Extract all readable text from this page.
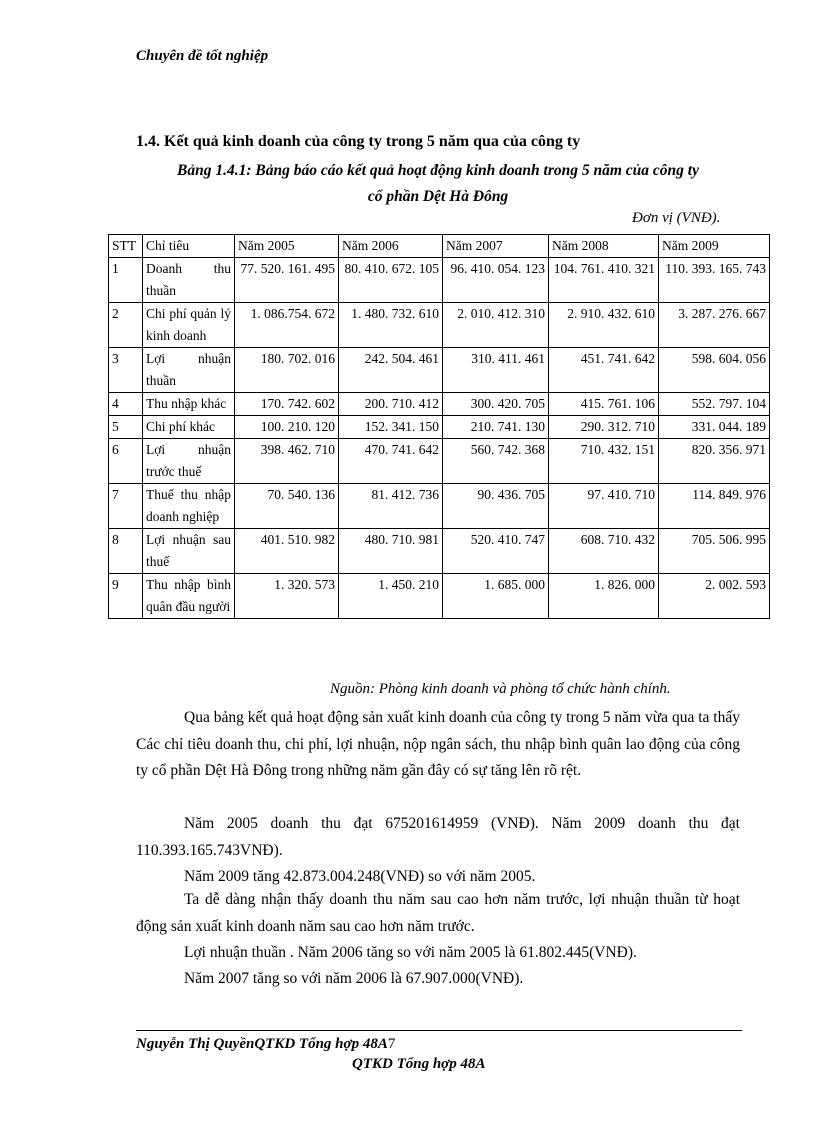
Chuyên đề tốt nghiệp
1.4. Kết quả kinh doanh của công ty trong 5 năm qua của công ty
Bảng 1.4.1: Bảng báo cáo kết quả hoạt động kinh doanh trong 5 năm của công ty
cổ phần Dệt Hà Đông
Đơn vị (VNĐ).
STT	Chỉ tiêu	Năm 2005	Năm 2006	Năm 2007	Năm 2008	Năm 2009
1	Doanh thu thuần	77. 520. 161. 495	80. 410. 672. 105	96. 410. 054. 123	104. 761. 410. 321	110. 393. 165. 743
2	Chi phí quản lý kinh doanh	1. 086.754. 672	1. 480. 732. 610	2. 010. 412. 310	2. 910. 432. 610	3. 287. 276. 667
3	Lợi nhuận thuần	180. 702. 016	242. 504. 461	310. 411. 461	451. 741. 642	598. 604. 056
4	Thu nhập khác	170. 742. 602	200. 710. 412	300. 420. 705	415. 761. 106	552. 797. 104
5	Chi phí khác	100. 210. 120	152. 341. 150	210. 741. 130	290. 312. 710	331. 044. 189
6	Lợi nhuận trước thuế	398. 462. 710	470. 741. 642	560. 742. 368	710. 432. 151	820. 356. 971
7	Thuế thu nhập doanh nghiệp	70. 540. 136	81. 412. 736	90. 436. 705	97. 410. 710	114. 849. 976
8	Lợi nhuận sau thuế	401. 510. 982	480. 710. 981	520. 410. 747	608. 710. 432	705. 506. 995
9	Thu nhập bình quân đầu người	1. 320. 573	1. 450. 210	1. 685. 000	1. 826. 000	2. 002. 593
Nguồn: Phòng kinh doanh và phòng tổ chức hành chính.
Qua bảng kết quả hoạt động sản xuất kinh doanh của công ty trong 5 năm vừa qua ta thấy Các chỉ tiêu doanh thu, chi phí, lợi nhuận, nộp ngân sách, thu nhập bình quân lao động của công ty cổ phần Dệt Hà Đông trong những năm gần đây có sự tăng lên rõ rệt.
Năm 2005 doanh thu đạt 675201614959 (VNĐ). Năm 2009 doanh thu đạt 110.393.165.743VNĐ).
Năm 2009 tăng 42.873.004.248(VNĐ) so với năm 2005.
Ta dễ dàng nhận thấy doanh thu năm sau cao hơn năm trước, lợi nhuận thuần từ hoạt động sản xuất kinh doanh năm sau cao hơn năm trước.
Lợi nhuận thuần . Năm 2006 tăng so với năm 2005 là 61.802.445(VNĐ).
Năm 2007 tăng so với năm 2006 là 67.907.000(VNĐ).
Nguyễn Thị QuyềnQTKD Tổng hợp 48A7
QTKD Tổng hợp 48A
